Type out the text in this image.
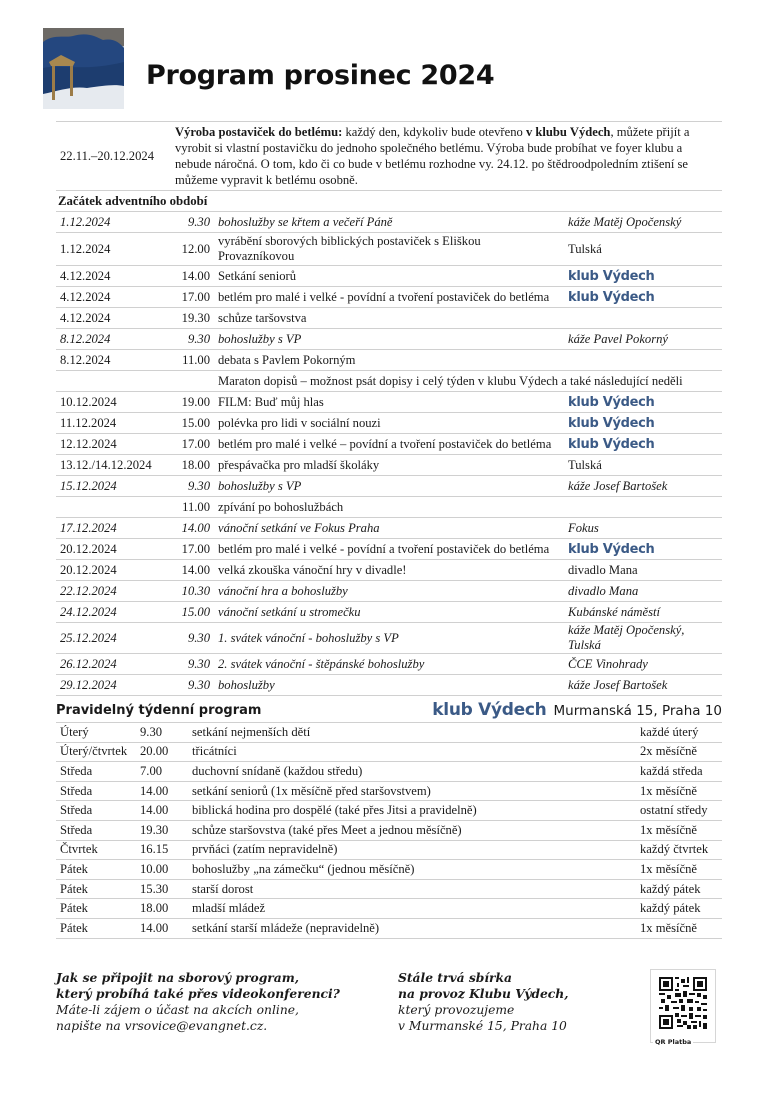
Program prosinec 2024
22.11.–20.12.2024	Výroba postaviček do betlému: každý den, kdykoliv bude otevřeno v klubu Výdech, můžete přijít a vyrobit si vlastní postavičku do jednoho společného betlému. Výroba bude probíhat ve foyer klubu a nebude náročná. O tom, kdo či co bude v betlému rozhodne vy. 24.12. po štědroodpoledním ztišení se můžeme vypravit k betlému osobně.		
Začátek adventního období			
1.12.2024	9.30	bohoslužby se křtem a večeří Páně	káže Matěj Opočenský
1.12.2024	12.00	vyrábění sborových biblických postaviček s Eliškou Provazníkovou	Tulská
4.12.2024	14.00	Setkání seniorů	klub Výdech
4.12.2024	17.00	betlém pro malé i velké - povídní a tvoření postaviček do betléma	klub Výdech
4.12.2024	19.30	schůze taršovstva	
8.12.2024	9.30	bohoslužby s VP	káže Pavel Pokorný
8.12.2024	11.00	debata s Pavlem Pokorným	
		Maraton dopisů – možnost psát dopisy i celý týden v klubu Výdech a také následující neděli	
10.12.2024	19.00	FILM: Buď můj hlas	klub Výdech
11.12.2024	15.00	polévka pro lidi v sociální nouzi	klub Výdech
12.12.2024	17.00	betlém pro malé i velké – povídní a tvoření postaviček do betléma	klub Výdech
13.12./14.12.2024	18.00	přespávačka pro mladší školáky	Tulská
15.12.2024	9.30	bohoslužby s VP	káže Josef Bartošek
	11.00	zpívání po bohoslužbách	
17.12.2024	14.00	vánoční setkání ve Fokus Praha	Fokus
20.12.2024	17.00	betlém pro malé i velké - povídní a tvoření postaviček do betléma	klub Výdech
20.12.2024	14.00	velká zkouška vánoční hry v divadle!	divadlo Mana
22.12.2024	10.30	vánoční hra a bohoslužby	divadlo Mana
24.12.2024	15.00	vánoční setkání u stromečku	Kubánské náměstí
25.12.2024	9.30	1. svátek vánoční - bohoslužby s VP	káže Matěj Opočenský, Tulská
26.12.2024	9.30	2. svátek vánoční - štěpánské bohoslužby	ČCE Vinohrady
29.12.2024	9.30	bohoslužby	káže Josef Bartošek
Pravidelný týdenní program	klub Výdech Murmanská 15, Praha 10
Úterý	9.30	setkání nejmenších dětí	každé úterý
Úterý/čtvrtek	20.00	třicátníci	2x měsíčně
Středa	7.00	duchovní snídaně (každou středu)	každá středa
Středa	14.00	setkání seniorů (1x měsíčně před staršovstvem)	1x měsíčně
Středa	14.00	biblická hodina pro dospělé (také přes Jitsi a pravidelně)	ostatní středy
Středa	19.30	schůze staršovstva (také přes Meet a jednou měsíčně)	1x měsíčně
Čtvrtek	16.15	prvňáci (zatím nepravidelně)	každý čtvrtek
Pátek	10.00	bohoslužby „na zámečku“ (jednou měsíčně)	1x měsíčně
Pátek	15.30	starší dorost	každý pátek
Pátek	18.00	mladší mládež	každý pátek
Pátek	14.00	setkání starší mládeže (nepravidelně)	1x měsíčně
Jak se připojit na sborový program,
který probíhá také přes videokonferenci?
Máte-li zájem o účast na akcích online,
napište na vrsovice@evangnet.cz.
Stále trvá sbírka
na provoz Klubu Výdech,
který provozujeme
v Murmanské 15, Praha 10
QR Platba
